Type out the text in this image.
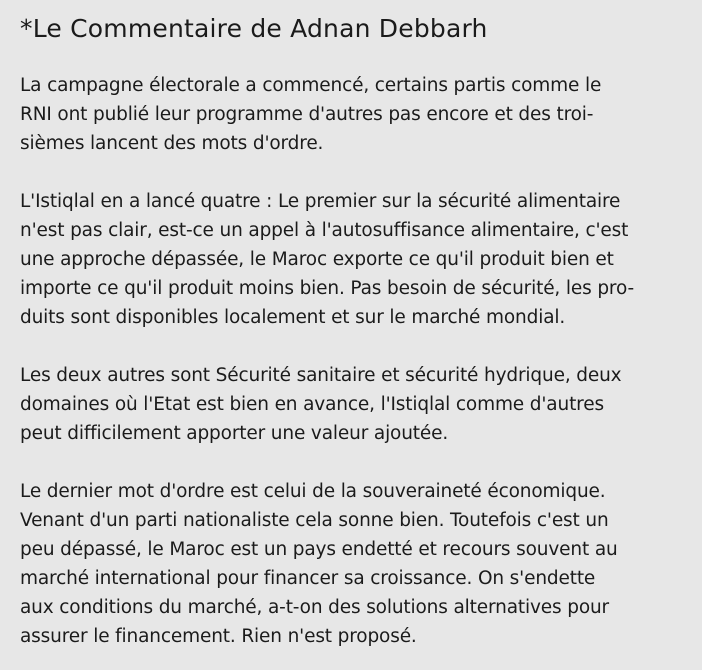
*Le Commentaire de Adnan Debbarh

La campagne électorale a commencé, certains partis comme le
RNI ont publié leur programme d'autres pas encore et des troi-
sièmes lancent des mots d'ordre.

L'Istiqlal en a lancé quatre : Le premier sur la sécurité alimentaire
n'est pas clair, est-ce un appel à l'autosuffisance alimentaire, c'est
une approche dépassée, le Maroc exporte ce qu'il produit bien et
importe ce qu'il produit moins bien. Pas besoin de sécurité, les pro-
duits sont disponibles localement et sur le marché mondial.

Les deux autres sont Sécurité sanitaire et sécurité hydrique, deux
domaines où l'Etat est bien en avance, l'Istiqlal comme d'autres
peut difficilement apporter une valeur ajoutée.

Le dernier mot d'ordre est celui de la souveraineté économique.
Venant d'un parti nationaliste cela sonne bien. Toutefois c'est un
peu dépassé, le Maroc est un pays endetté et recours souvent au
marché international pour financer sa croissance. On s'endette
aux conditions du marché, a-t-on des solutions alternatives pour
assurer le financement. Rien n'est proposé.
